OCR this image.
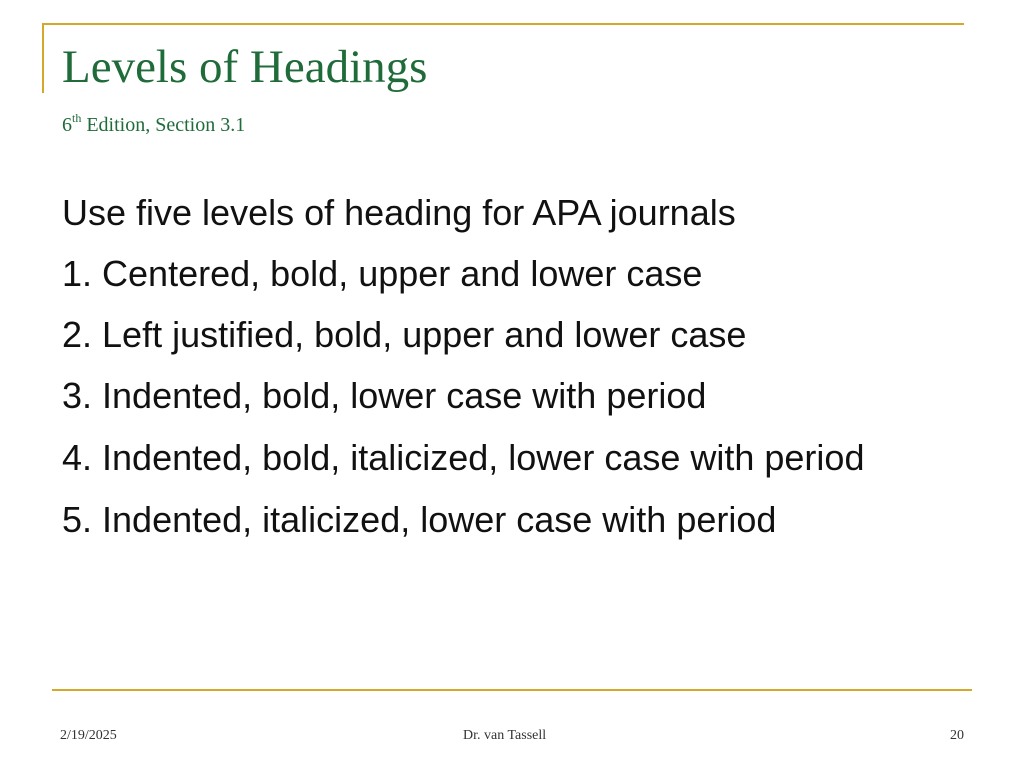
Levels of Headings
6th Edition, Section 3.1

Use five levels of heading for APA journals

1. Centered, bold, upper and lower case

2. Left justified, bold, upper and lower case

3. Indented, bold, lower case with period

4. Indented, bold, italicized, lower case with period

5. Indented, italicized, lower case with period

2/19/2025	Dr. van Tassell	20
